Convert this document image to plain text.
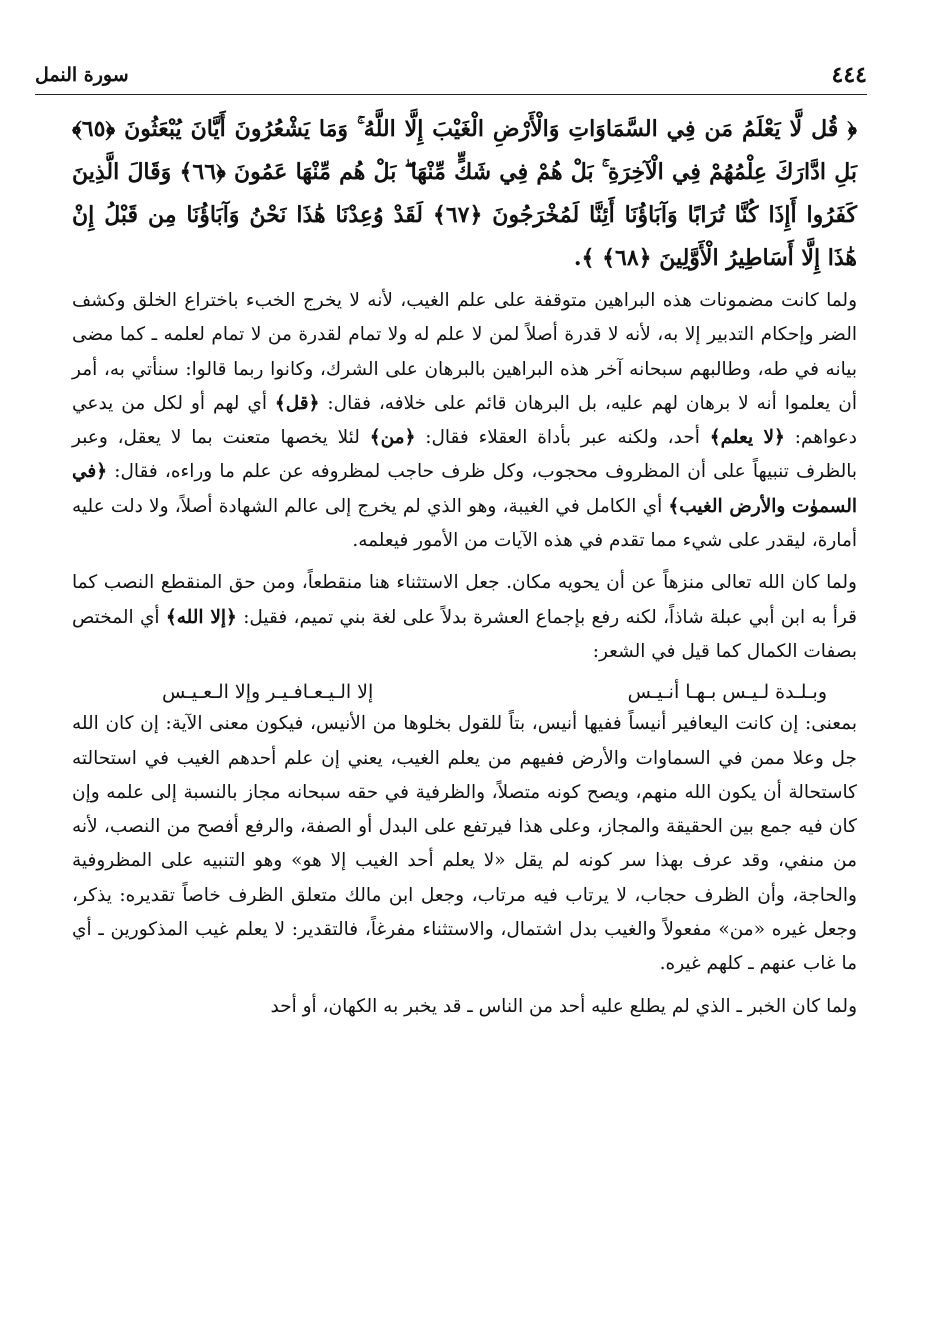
٤٤٤
سورة النمل

﴿ قُل لَّا يَعْلَمُ مَن فِي السَّمَاوَاتِ وَالْأَرْضِ الْغَيْبَ إِلَّا اللَّهُ ۚ وَمَا يَشْعُرُونَ أَيَّانَ يُبْعَثُونَ ﴿٦٥﴾ بَلِ ادَّارَكَ عِلْمُهُمْ فِي الْآخِرَةِ ۚ بَلْ هُمْ فِي شَكٍّ مِّنْهَا ۖ بَلْ هُم مِّنْهَا عَمُونَ ﴿٦٦﴾ وَقَالَ الَّذِينَ كَفَرُوا أَإِذَا كُنَّا تُرَابًا وَآبَاؤُنَا أَئِنَّا لَمُخْرَجُونَ ﴿٦٧﴾ لَقَدْ وُعِدْنَا هَٰذَا نَحْنُ وَآبَاؤُنَا مِن قَبْلُ إِنْ هَٰذَا إِلَّا أَسَاطِيرُ الْأَوَّلِينَ ﴿٦٨﴾ ﴾.

ولما كانت مضمونات هذه البراهين متوقفة على علم الغيب، لأنه لا يخرج الخبء باختراع الخلق وكشف الضر وإحكام التدبير إلا به، لأنه لا قدرة أصلاً لمن لا علم له ولا تمام لقدرة من لا تمام لعلمه ـ كما مضى بيانه في طه، وطالبهم سبحانه آخر هذه البراهين بالبرهان على الشرك، وكانوا ربما قالوا: سنأتي به، أمر أن يعلموا أنه لا برهان لهم عليه، بل البرهان قائم على خلافه، فقال: ﴿قل﴾ أي لهم أو لكل من يدعي دعواهم: ﴿لا يعلم﴾ أحد، ولكنه عبر بأداة العقلاء فقال: ﴿من﴾ لئلا يخصها متعنت بما لا يعقل، وعبر بالظرف تنبيهاً على أن المظروف محجوب، وكل ظرف حاجب لمظروفه عن علم ما وراءه، فقال: ﴿في السموٰت والأرض الغيب﴾ أي الكامل في الغيبة، وهو الذي لم يخرج إلى عالم الشهادة أصلاً، ولا دلت عليه أمارة، ليقدر على شيء مما تقدم في هذه الآيات من الأمور فيعلمه.

ولما كان الله تعالى منزهاً عن أن يحويه مكان. جعل الاستثناء هنا منقطعاً، ومن حق المنقطع النصب كما قرأ به ابن أبي عبلة شاذاً، لكنه رفع بإجماع العشرة بدلاً على لغة بني تميم، فقيل: ﴿إلا الله﴾ أي المختص بصفات الكمال كما قيل في الشعر:

وبـلـدة لـيـس بـهـا أنـيـس
إلا الـيـعـافـيـر وإلا الـعـيـس

بمعنى: إن كانت اليعافير أنيساً ففيها أنيس، بتاً للقول بخلوها من الأنيس، فيكون معنى الآية: إن كان الله جل وعلا ممن في السماوات والأرض ففيهم من يعلم الغيب، يعني إن علم أحدهم الغيب في استحالته كاستحالة أن يكون الله منهم، ويصح كونه متصلاً، والظرفية في حقه سبحانه مجاز بالنسبة إلى علمه وإن كان فيه جمع بين الحقيقة والمجاز، وعلى هذا فيرتفع على البدل أو الصفة، والرفع أفصح من النصب، لأنه من منفي، وقد عرف بهذا سر كونه لم يقل «لا يعلم أحد الغيب إلا هو» وهو التنبيه على المظروفية والحاجة، وأن الظرف حجاب، لا يرتاب فيه مرتاب، وجعل ابن مالك متعلق الظرف خاصاً تقديره: يذكر، وجعل غيره «من» مفعولاً والغيب بدل اشتمال، والاستثناء مفرغاً، فالتقدير: لا يعلم غيب المذكورين ـ أي ما غاب عنهم ـ كلهم غيره.

ولما كان الخبر ـ الذي لم يطلع عليه أحد من الناس ـ قد يخبر به الكهان، أو أحد
